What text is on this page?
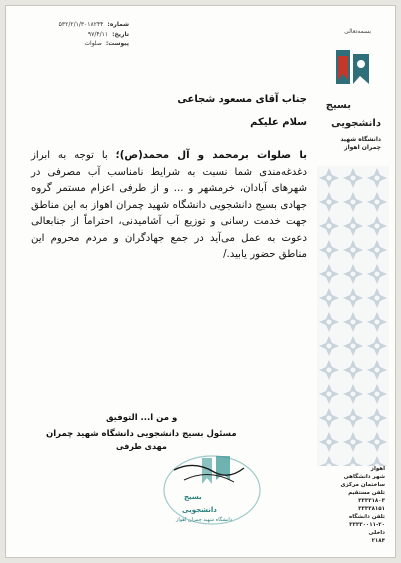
بسمه‌تعالی
بسیج
دانشجویی
دانشگاه شهید چمران اهواز
اهواز
شهر دانشگاهی ساختمان مرکزی
تلفن مستقیم
۳۳۳۳۱۸۰۳
۳۳۳۳۸۱۵۱
تلفن دانشگاه
۳۳۳۳۰۰۱۱-۲۰
داخلی
۲۱۸۴
شماره:
۵۳۲/۲/۱/۳۰۱۸۲۴۴
تاریخ:
۹۷/۴/۱۱
پیوست:
صلوات

جناب آقای مسعود شجاعی

سلام علیکم

با صلوات برمحمد و آل محمد(ص)؛ با توجه به ابراز دغدغه‌مندی شما نسبت به شرایط نامناسب آب مصرفی در شهرهای آبادان، خرمشهر و ... و از طرفی اعزام مستمر گروه جهادی بسیج دانشجویی دانشگاه شهید چمران اهواز به این مناطق جهت خدمت رسانی و توزیع آب آشامیدنی، احتراماً از جنابعالی دعوت به عمل می‌آید در جمع جهادگران و مردم محروم این مناطق حضور یابید./

و من ا... التوفیق

مسئول بسیج دانشجویی دانشگاه شهید چمران

مهدی طرفی

بسیج
دانشجویی
دانشگاه شهید چمران اهواز
